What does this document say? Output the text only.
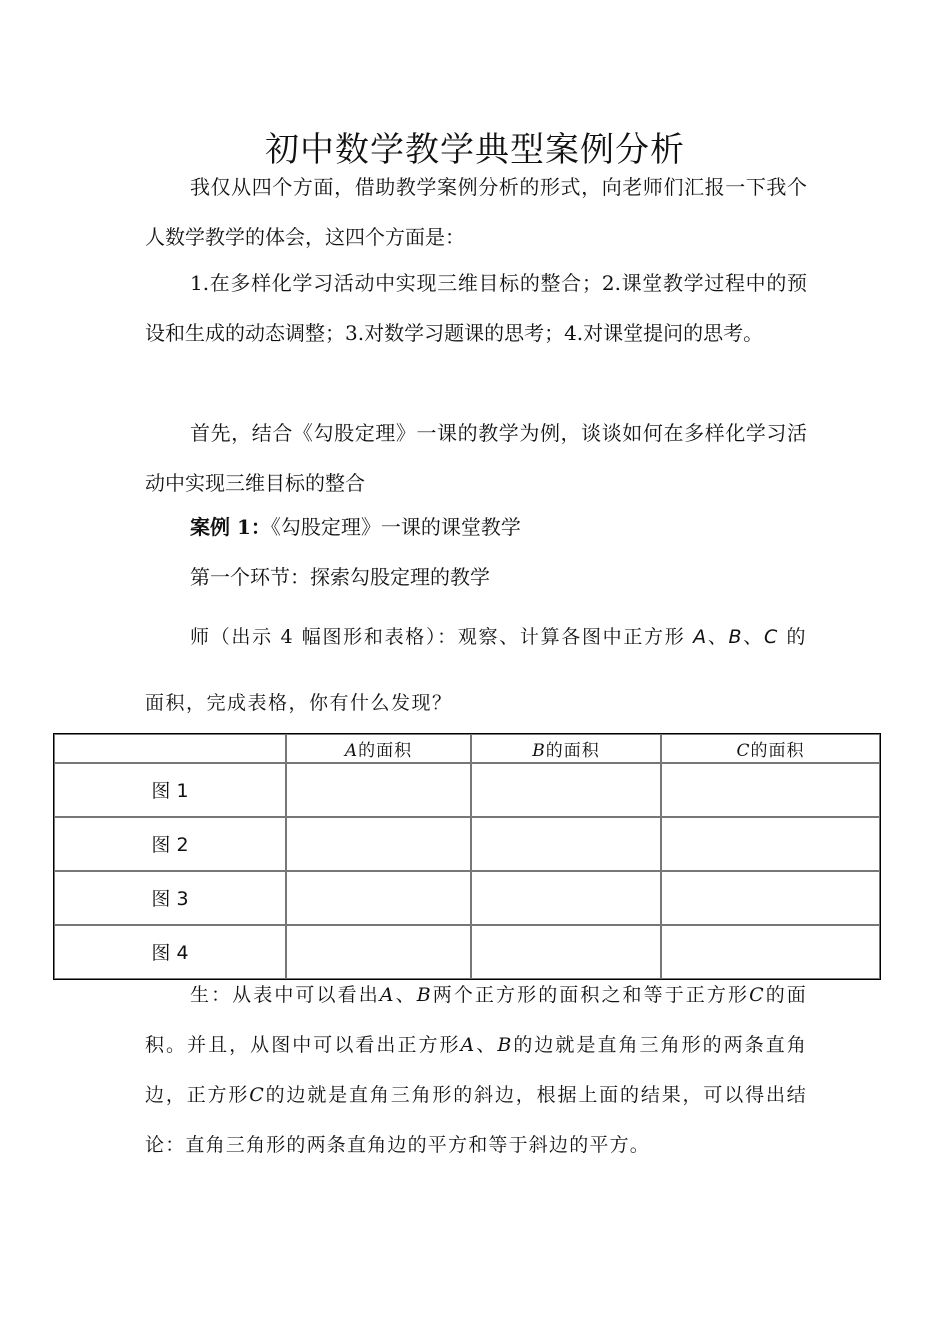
初中数学教学典型案例分析
我仅从四个方面，借助教学案例分析的形式，向老师们汇报一下我个人数学教学的体会，这四个方面是：
1.在多样化学习活动中实现三维目标的整合；2.课堂教学过程中的预设和生成的动态调整；3.对数学习题课的思考；4.对课堂提问的思考。
首先，结合《勾股定理》一课的教学为例，谈谈如何在多样化学习活动中实现三维目标的整合
案例 1：《勾股定理》一课的课堂教学
第一个环节：探索勾股定理的教学
师（出示 4 幅图形和表格）：观察、计算各图中正方形 A、B、C 的面积，完成表格，你有什么发现？
	A的面积	B的面积	C的面积
图 1			
图 2			
图 3			
图 4			
生：从表中可以看出A、B两个正方形的面积之和等于正方形C的面积。并且，从图中可以看出正方形A、B的边就是直角三角形的两条直角边，正方形C的边就是直角三角形的斜边，根据上面的结果，可以得出结论：直角三角形的两条直角边的平方和等于斜边的平方。
